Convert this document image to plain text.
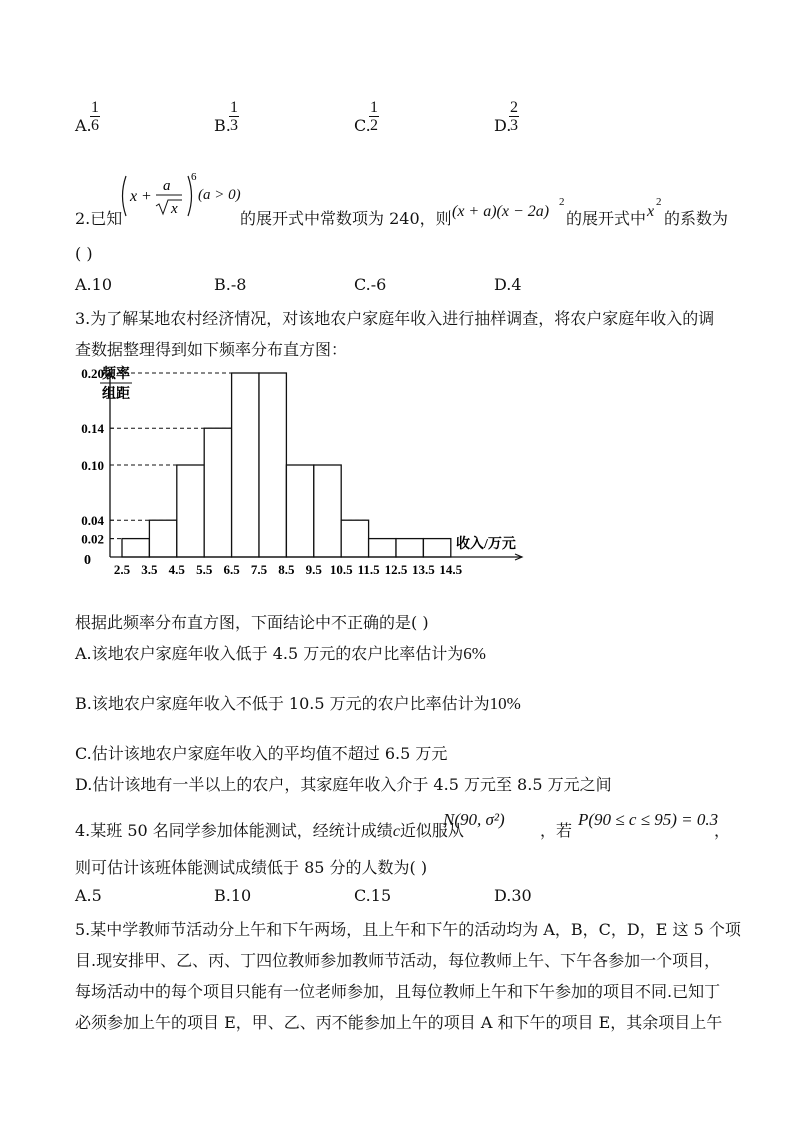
A.
$\frac{1}{6}$	B.
$\frac{1}{3}$	C.
$\frac{1}{2}$	D.
$\frac{2}{3}$
2.已知
x +
a
x
6
(a > 0)
的展开式中常数项为 240，则 (x + a)(x − 2a)
2
的展开式中 x
2
的系数为
( )
A.10	B.-8	C.-6	D.4
3.为了解某地农村经济情况，对该地农户家庭年收入进行抽样调查，将农户家庭年收入的调
查数据整理得到如下频率分布直方图：
频率
组距
0.02
0.04
0.10
0.14
0.20
2.5 3.5 4.5 5.5 6.5 7.5 8.5 9.5 10.5 11.5 12.5 13.5 14.5
0
收入/万元
根据此频率分布直方图，下面结论中不正确的是( )
A.该地农户家庭年收入低于 4.5 万元的农户比率估计为6%
B.该地农户家庭年收入不低于 10.5 万元的农户比率估计为10%
C.估计该地农户家庭年收入的平均值不超过 6.5 万元
D.估计该地有一半以上的农户，其家庭年收入介于 4.5 万元至 8.5 万元之间
4.某班 50 名同学参加体能测试，经统计成绩c近似服从
N(90, σ²)
，若
P(90 ≤ c ≤ 95) = 0.3
，
则可估计该班体能测试成绩低于 85 分的人数为( )
A.5	B.10	C.15	D.30
5.某中学教师节活动分上午和下午两场，且上午和下午的活动均为 A，B，C，D，E 这 5 个项
目.现安排甲、乙、丙、丁四位教师参加教师节活动，每位教师上午、下午各参加一个项目，
每场活动中的每个项目只能有一位老师参加，且每位教师上午和下午参加的项目不同.已知丁
必须参加上午的项目 E，甲、乙、丙不能参加上午的项目 A 和下午的项目 E，其余项目上午
